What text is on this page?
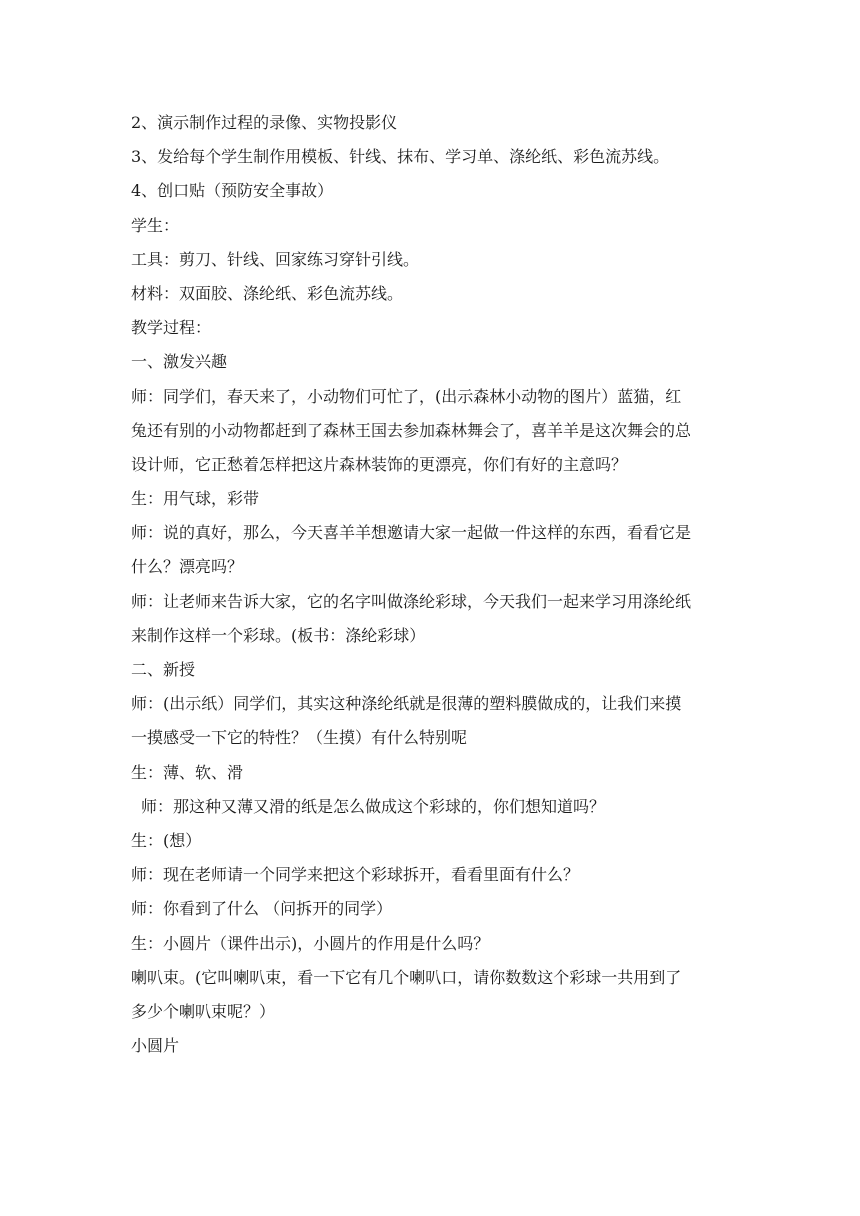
2、演示制作过程的录像、实物投影仪
3、发给每个学生制作用模板、针线、抹布、学习单、涤纶纸、彩色流苏线。
4、创口贴（预防安全事故）
学生：
工具：剪刀、针线、回家练习穿针引线。
材料：双面胶、涤纶纸、彩色流苏线。
教学过程：
一、激发兴趣
师：同学们，春天来了，小动物们可忙了，(出示森林小动物的图片）蓝猫，红
兔还有别的小动物都赶到了森林王国去参加森林舞会了，喜羊羊是这次舞会的总
设计师，它正愁着怎样把这片森林装饰的更漂亮，你们有好的主意吗？
生：用气球，彩带
师：说的真好，那么，今天喜羊羊想邀请大家一起做一件这样的东西，看看它是
什么？漂亮吗？
师：让老师来告诉大家，它的名字叫做涤纶彩球，今天我们一起来学习用涤纶纸
来制作这样一个彩球。(板书：涤纶彩球）
二、新授
师：(出示纸）同学们，其实这种涤纶纸就是很薄的塑料膜做成的，让我们来摸
一摸感受一下它的特性？（生摸）有什么特别呢
生：薄、软、滑
师：那这种又薄又滑的纸是怎么做成这个彩球的，你们想知道吗？
生：(想）
师：现在老师请一个同学来把这个彩球拆开，看看里面有什么？
师：你看到了什么 （问拆开的同学）
生：小圆片（课件出示)，小圆片的作用是什么吗？
喇叭束。(它叫喇叭束，看一下它有几个喇叭口，请你数数这个彩球一共用到了
多少个喇叭束呢？）
小圆片
